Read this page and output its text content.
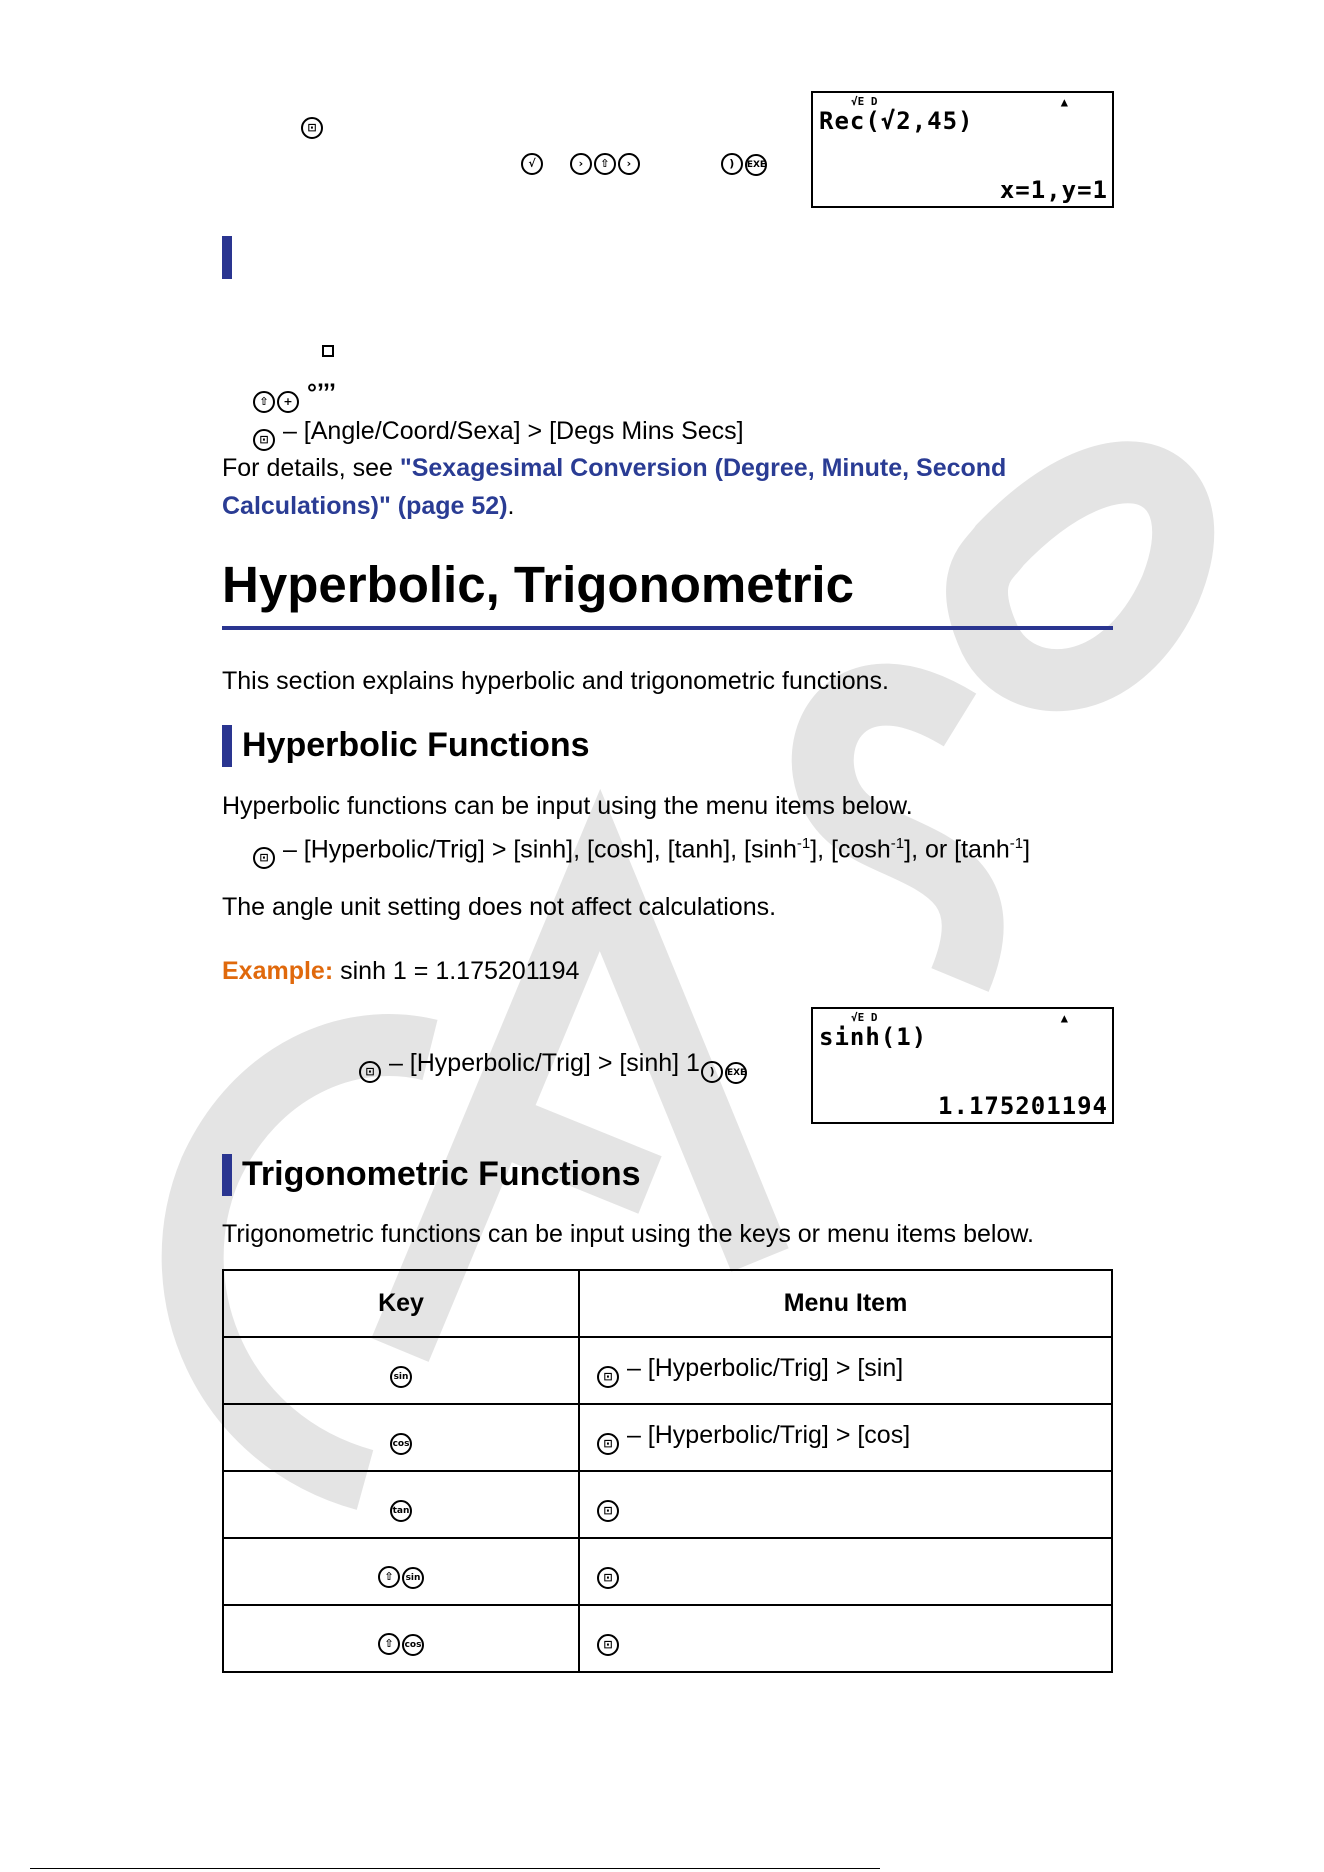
⊡
√	› ⇧ ›	) EXE
√E D	▲
Rec(√2,45)
x=1,y=1
⇧ + °’’’
⊡ – [Angle/Coord/Sexa] > [Degs Mins Secs]
For details, see "Sexagesimal Conversion (Degree, Minute, Second
Calculations)" (page 52).
Hyperbolic, Trigonometric
This section explains hyperbolic and trigonometric functions.
Hyperbolic Functions
Hyperbolic functions can be input using the menu items below.
⊡ – [Hyperbolic/Trig] > [sinh], [cosh], [tanh], $[\sinh^{-1}]$, $[\cosh^{-1}]$, or $[\tanh^{-1}]$
The angle unit setting does not affect calculations.
Example: sinh 1 = 1.175201194
⊡ – [Hyperbolic/Trig] > [sinh] 1 ) EXE
√E D	▲
sinh(1)
1.175201194
Trigonometric Functions
Trigonometric functions can be input using the keys or menu items below.
Key	Menu Item
sin	⊡ – [Hyperbolic/Trig] > [sin]
cos	⊡ – [Hyperbolic/Trig] > [cos]
tan	⊡
⇧ sin	⊡
⇧ cos	⊡
